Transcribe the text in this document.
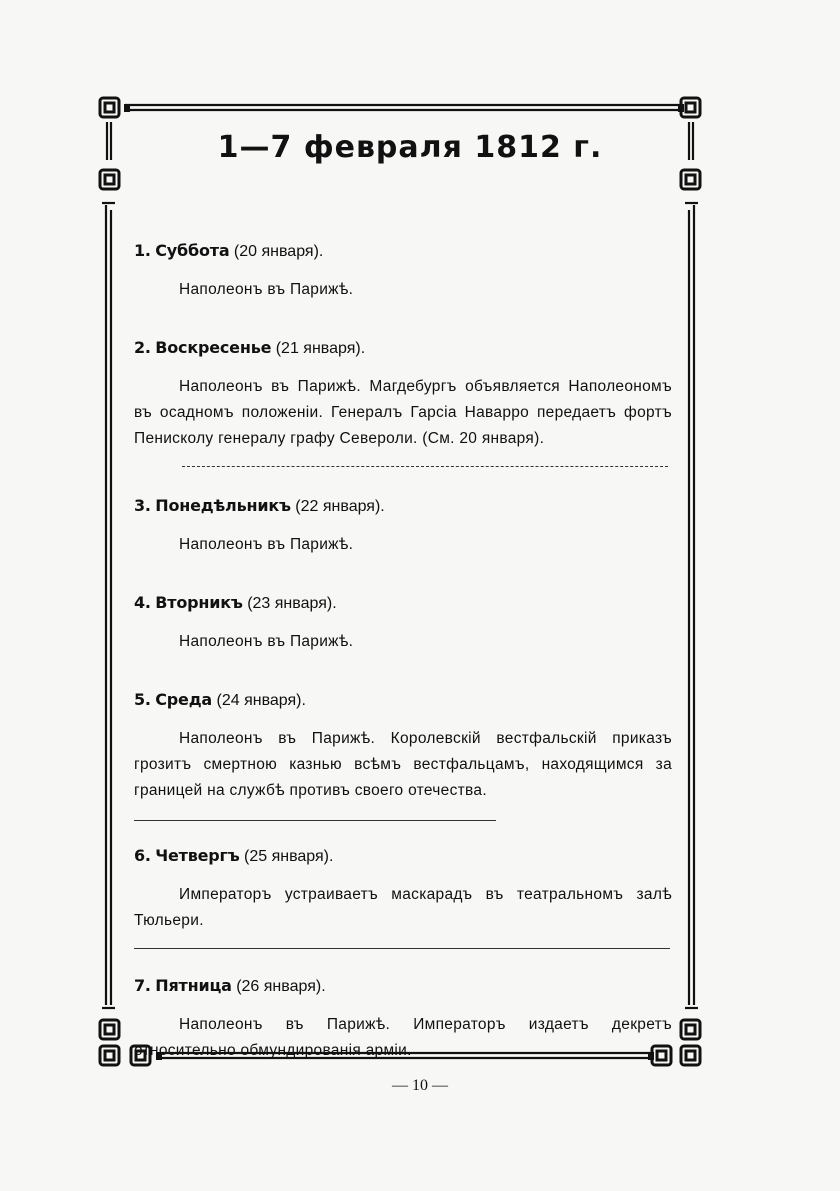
1—7 февраля 1812 г.

1. Суббота (20 января).

Наполеонъ въ Парижѣ.

2. Воскресенье (21 января).

Наполеонъ въ Парижѣ. Магдебургъ объявляется Наполеономъ въ осадномъ положеніи. Генералъ Гарсіа Наварро передаетъ фортъ Пенисколу генералу графу Североли. (См. 20 января).

3. Понедѣльникъ (22 января).

Наполеонъ въ Парижѣ.

4. Вторникъ (23 января).

Наполеонъ въ Парижѣ.

5. Среда (24 января).

Наполеонъ въ Парижѣ. Королевскій вестфальскій приказъ грозитъ смертною казнью всѣмъ вестфальцамъ, находящимся за границей на службѣ противъ своего отечества.

6. Четвергъ (25 января).

Императоръ устраиваетъ маскарадъ въ театральномъ залѣ Тюльери.

7. Пятница (26 января).

Наполеонъ въ Парижѣ. Императоръ издаетъ декретъ относительно обмундированія арміи.

— 10 —
